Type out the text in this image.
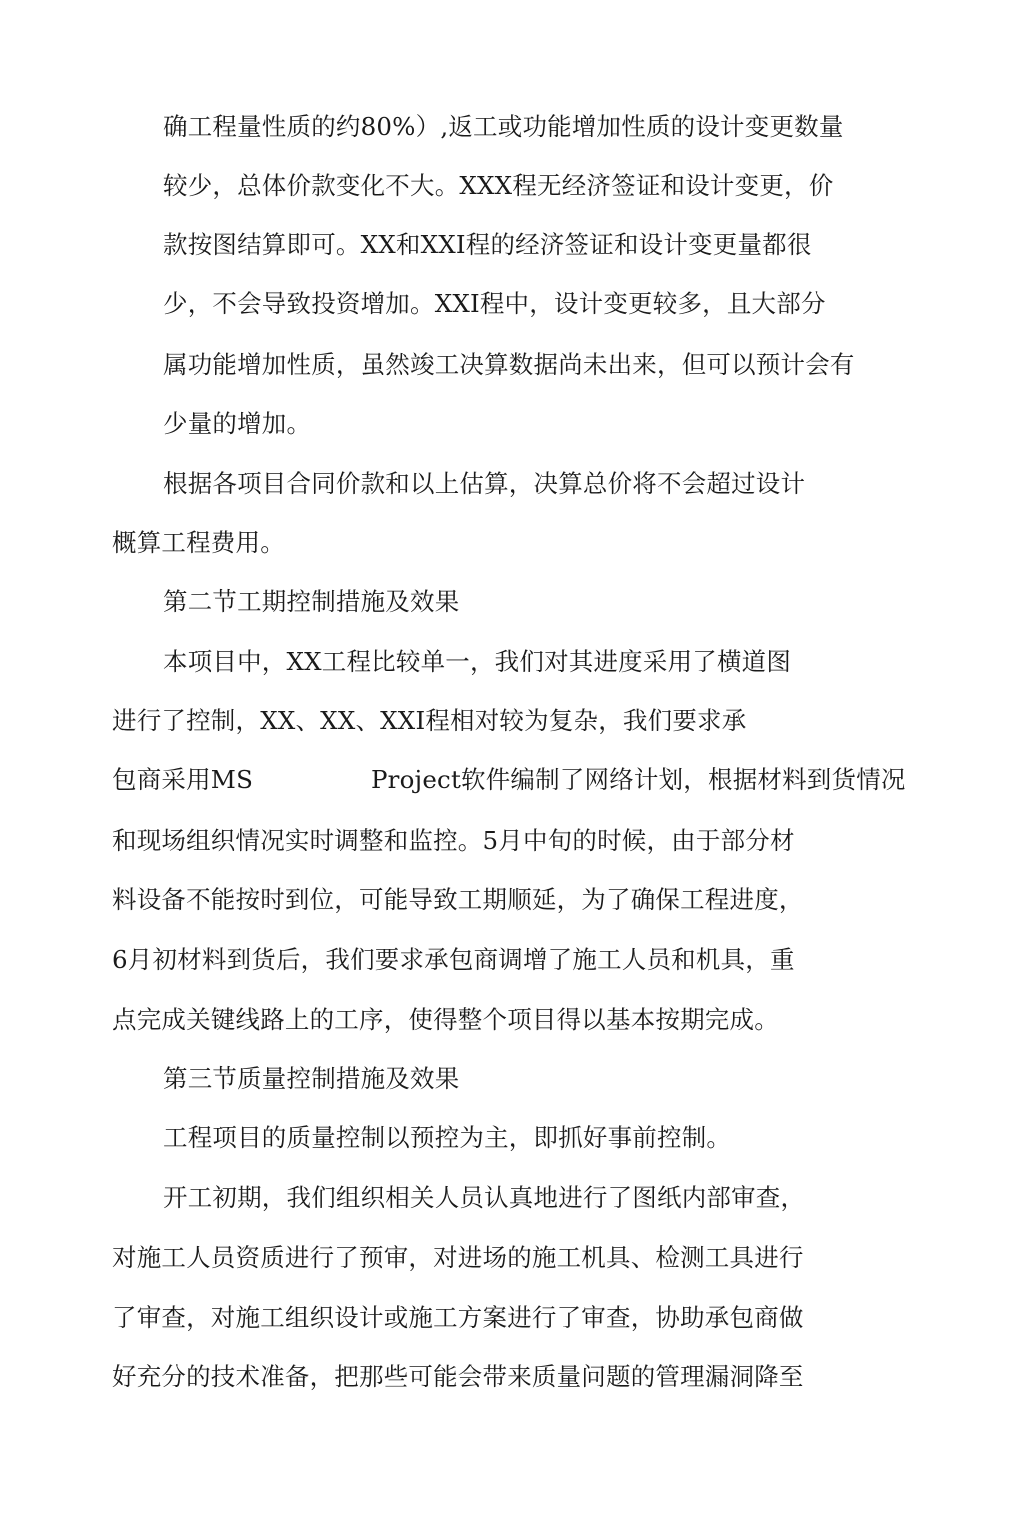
确工程量性质的约80%）,返工或功能增加性质的设计变更数量
较少，总体价款变化不大。XXX程无经济签证和设计变更，价
款按图结算即可。XX和XXI程的经济签证和设计变更量都很
少，不会导致投资增加。XXI程中，设计变更较多，且大部分
属功能增加性质，虽然竣工决算数据尚未出来，但可以预计会有
少量的增加。
根据各项目合同价款和以上估算，决算总价将不会超过设计
概算工程费用。
第二节工期控制措施及效果
本项目中，XX工程比较单一，我们对其进度采用了横道图
进行了控制，XX、XX、XXI程相对较为复杂，我们要求承
包商采用MS	Project软件编制了网络计划，根据材料到货情况
和现场组织情况实时调整和监控。5月中旬的时候，由于部分材
料设备不能按时到位，可能导致工期顺延，为了确保工程进度，
6月初材料到货后，我们要求承包商调增了施工人员和机具，重
点完成关键线路上的工序，使得整个项目得以基本按期完成。
第三节质量控制措施及效果
工程项目的质量控制以预控为主，即抓好事前控制。
开工初期，我们组织相关人员认真地进行了图纸内部审查，
对施工人员资质进行了预审，对进场的施工机具、检测工具进行
了审查，对施工组织设计或施工方案进行了审查，协助承包商做
好充分的技术准备，把那些可能会带来质量问题的管理漏洞降至
